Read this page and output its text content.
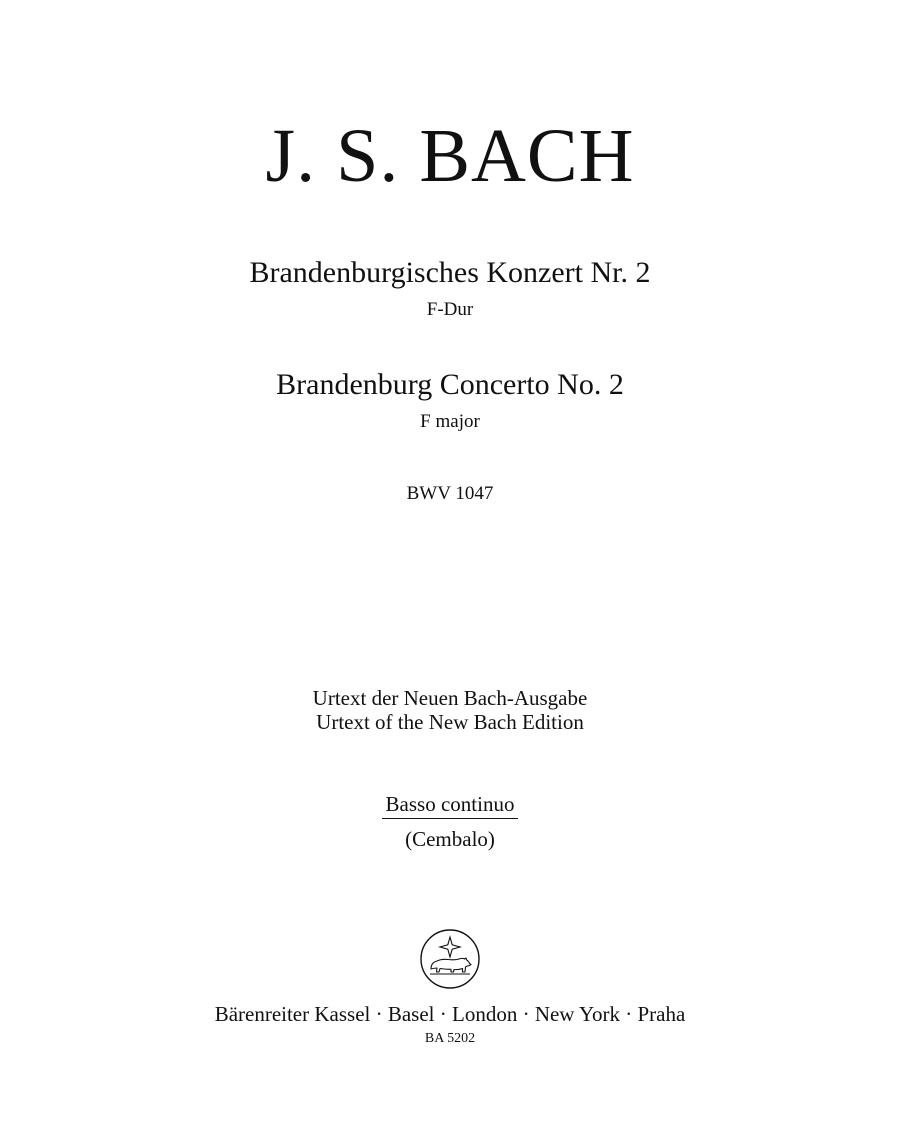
J. S. BACH
Brandenburgisches Konzert Nr. 2
F-Dur
Brandenburg Concerto No. 2
F major
BWV 1047
Urtext der Neuen Bach-Ausgabe
Urtext of the New Bach Edition
Basso continuo
(Cembalo)
Bärenreiter Kassel · Basel · London · New York · Praha
BA 5202
